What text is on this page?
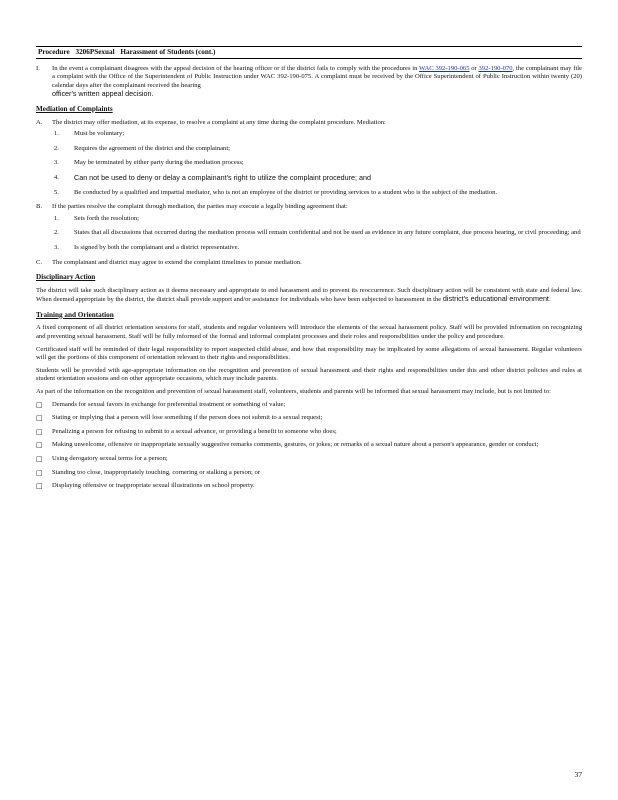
Procedure 3206PSexual Harassment of Students (cont.)
I.	In the event a complainant disagrees with the appeal decision of the hearing officer or if the district fails to comply with the procedures in WAC 392-190-065 or 392-190-070, the complainant may file a complaint with the Office of the Superintendent of Public Instruction under WAC 392-190-075. A complaint must be received by the Office Superintendent of Public Instruction within twenty (20) calendar days after the complainant received the hearing
officer's written appeal decision.
Mediation of Complaints
A.	The district may offer mediation, at its expense, to resolve a complaint at any time during the complaint procedure. Mediation:
1.	Must be voluntary;
2.	Requires the agreement of the district and the complainant;
3.	May be terminated by either party during the mediation process;
4.	Can not be used to deny or delay a complainant's right to utilize the complaint procedure; and
5.	Be conducted by a qualified and impartial mediator, who is not an employee of the district or providing services to a student who is the subject of the mediation.
B.	If the parties resolve the complaint through mediation, the parties may execute a legally binding agreement that:
1.	Sets forth the resolution;
2.	States that all discussions that occurred during the mediation process will remain confidential and not be used as evidence in any future complaint, due process hearing, or civil proceeding; and
3.	Is signed by both the complainant and a district representative.
C.	The complainant and district may agree to extend the complaint timelines to pursue mediation.
Disciplinary Action
The district will take such disciplinary action as it deems necessary and appropriate to end harassment and to prevent its reoccurrence. Such disciplinary action will be consistent with state and federal law. When deemed appropriate by the district, the district shall provide support and/or assistance for individuals who have been subjected to harassment in the district's educational environment.
Training and Orientation
A fixed component of all district orientation sessions for staff, students and regular volunteers will introduce the elements of the sexual harassment policy. Staff will be provided information on recognizing and preventing sexual harassment. Staff will be fully informed of the formal and informal complaint processes and their roles and responsibilities under the policy and procedure.
Certificated staff will be reminded of their legal responsibility to report suspected child abuse, and how that responsibility may be implicated by some allegations of sexual harassment. Regular volunteers will get the portions of this component of orientation relevant to their rights and responsibilities.
Students will be provided with age-appropriate information on the recognition and prevention of sexual harassment and their rights and responsibilities under this and other district policies and rules at student orientation sessions and on other appropriate occasions, which may include parents.
As part of the information on the recognition and prevention of sexual harassment staff, volunteers, students and parents will be informed that sexual harassment may include, but is not limited to:
□	Demands for sexual favors in exchange for preferential treatment or something of value;
□	Stating or implying that a person will lose something if the person does not submit to a sexual request;
□	Penalizing a person for refusing to submit to a sexual advance, or providing a benefit to someone who does;
□	Making unwelcome, offensive or inappropriate sexually suggestive remarks comments, gestures, or jokes; or remarks of a sexual nature about a person's appearance, gender or conduct;
□	Using derogatory sexual terms for a person;
□	Standing too close, inappropriately touching, cornering or stalking a person; or
□	Displaying offensive or inappropriate sexual illustrations on school property.
37
